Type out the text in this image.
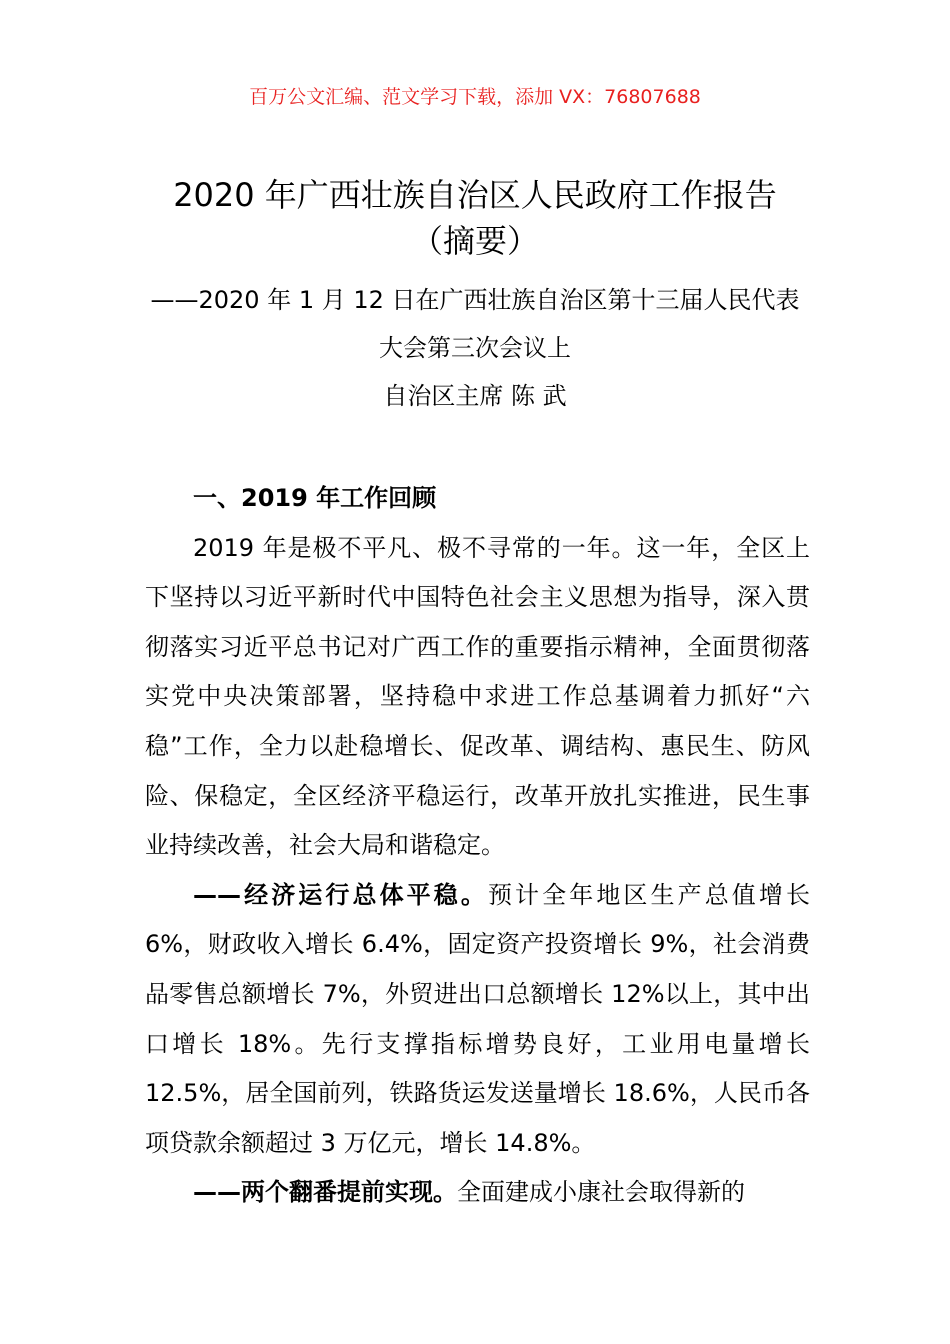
百万公文汇编、范文学习下载，添加 VX：76807688
2020 年广西壮族自治区人民政府工作报告
（摘要）
——2020 年 1 月 12 日在广西壮族自治区第十三届人民代表
大会第三次会议上
自治区主席 陈 武

一、2019 年工作回顾

2019 年是极不平凡、极不寻常的一年。这一年，全区上下坚持以习近平新时代中国特色社会主义思想为指导，深入贯彻落实习近平总书记对广西工作的重要指示精神，全面贯彻落实党中央决策部署，坚持稳中求进工作总基调着力抓好“六稳”工作，全力以赴稳增长、促改革、调结构、惠民生、防风险、保稳定，全区经济平稳运行，改革开放扎实推进，民生事业持续改善，社会大局和谐稳定。

——经济运行总体平稳。预计全年地区生产总值增长 6%，财政收入增长 6.4%，固定资产投资增长 9%，社会消费品零售总额增长 7%，外贸进出口总额增长 12%以上，其中出口增长 18%。先行支撑指标增势良好，工业用电量增长 12.5%，居全国前列，铁路货运发送量增长 18.6%，人民币各项贷款余额超过 3 万亿元，增长 14.8%。

——两个翻番提前实现。全面建成小康社会取得新的
